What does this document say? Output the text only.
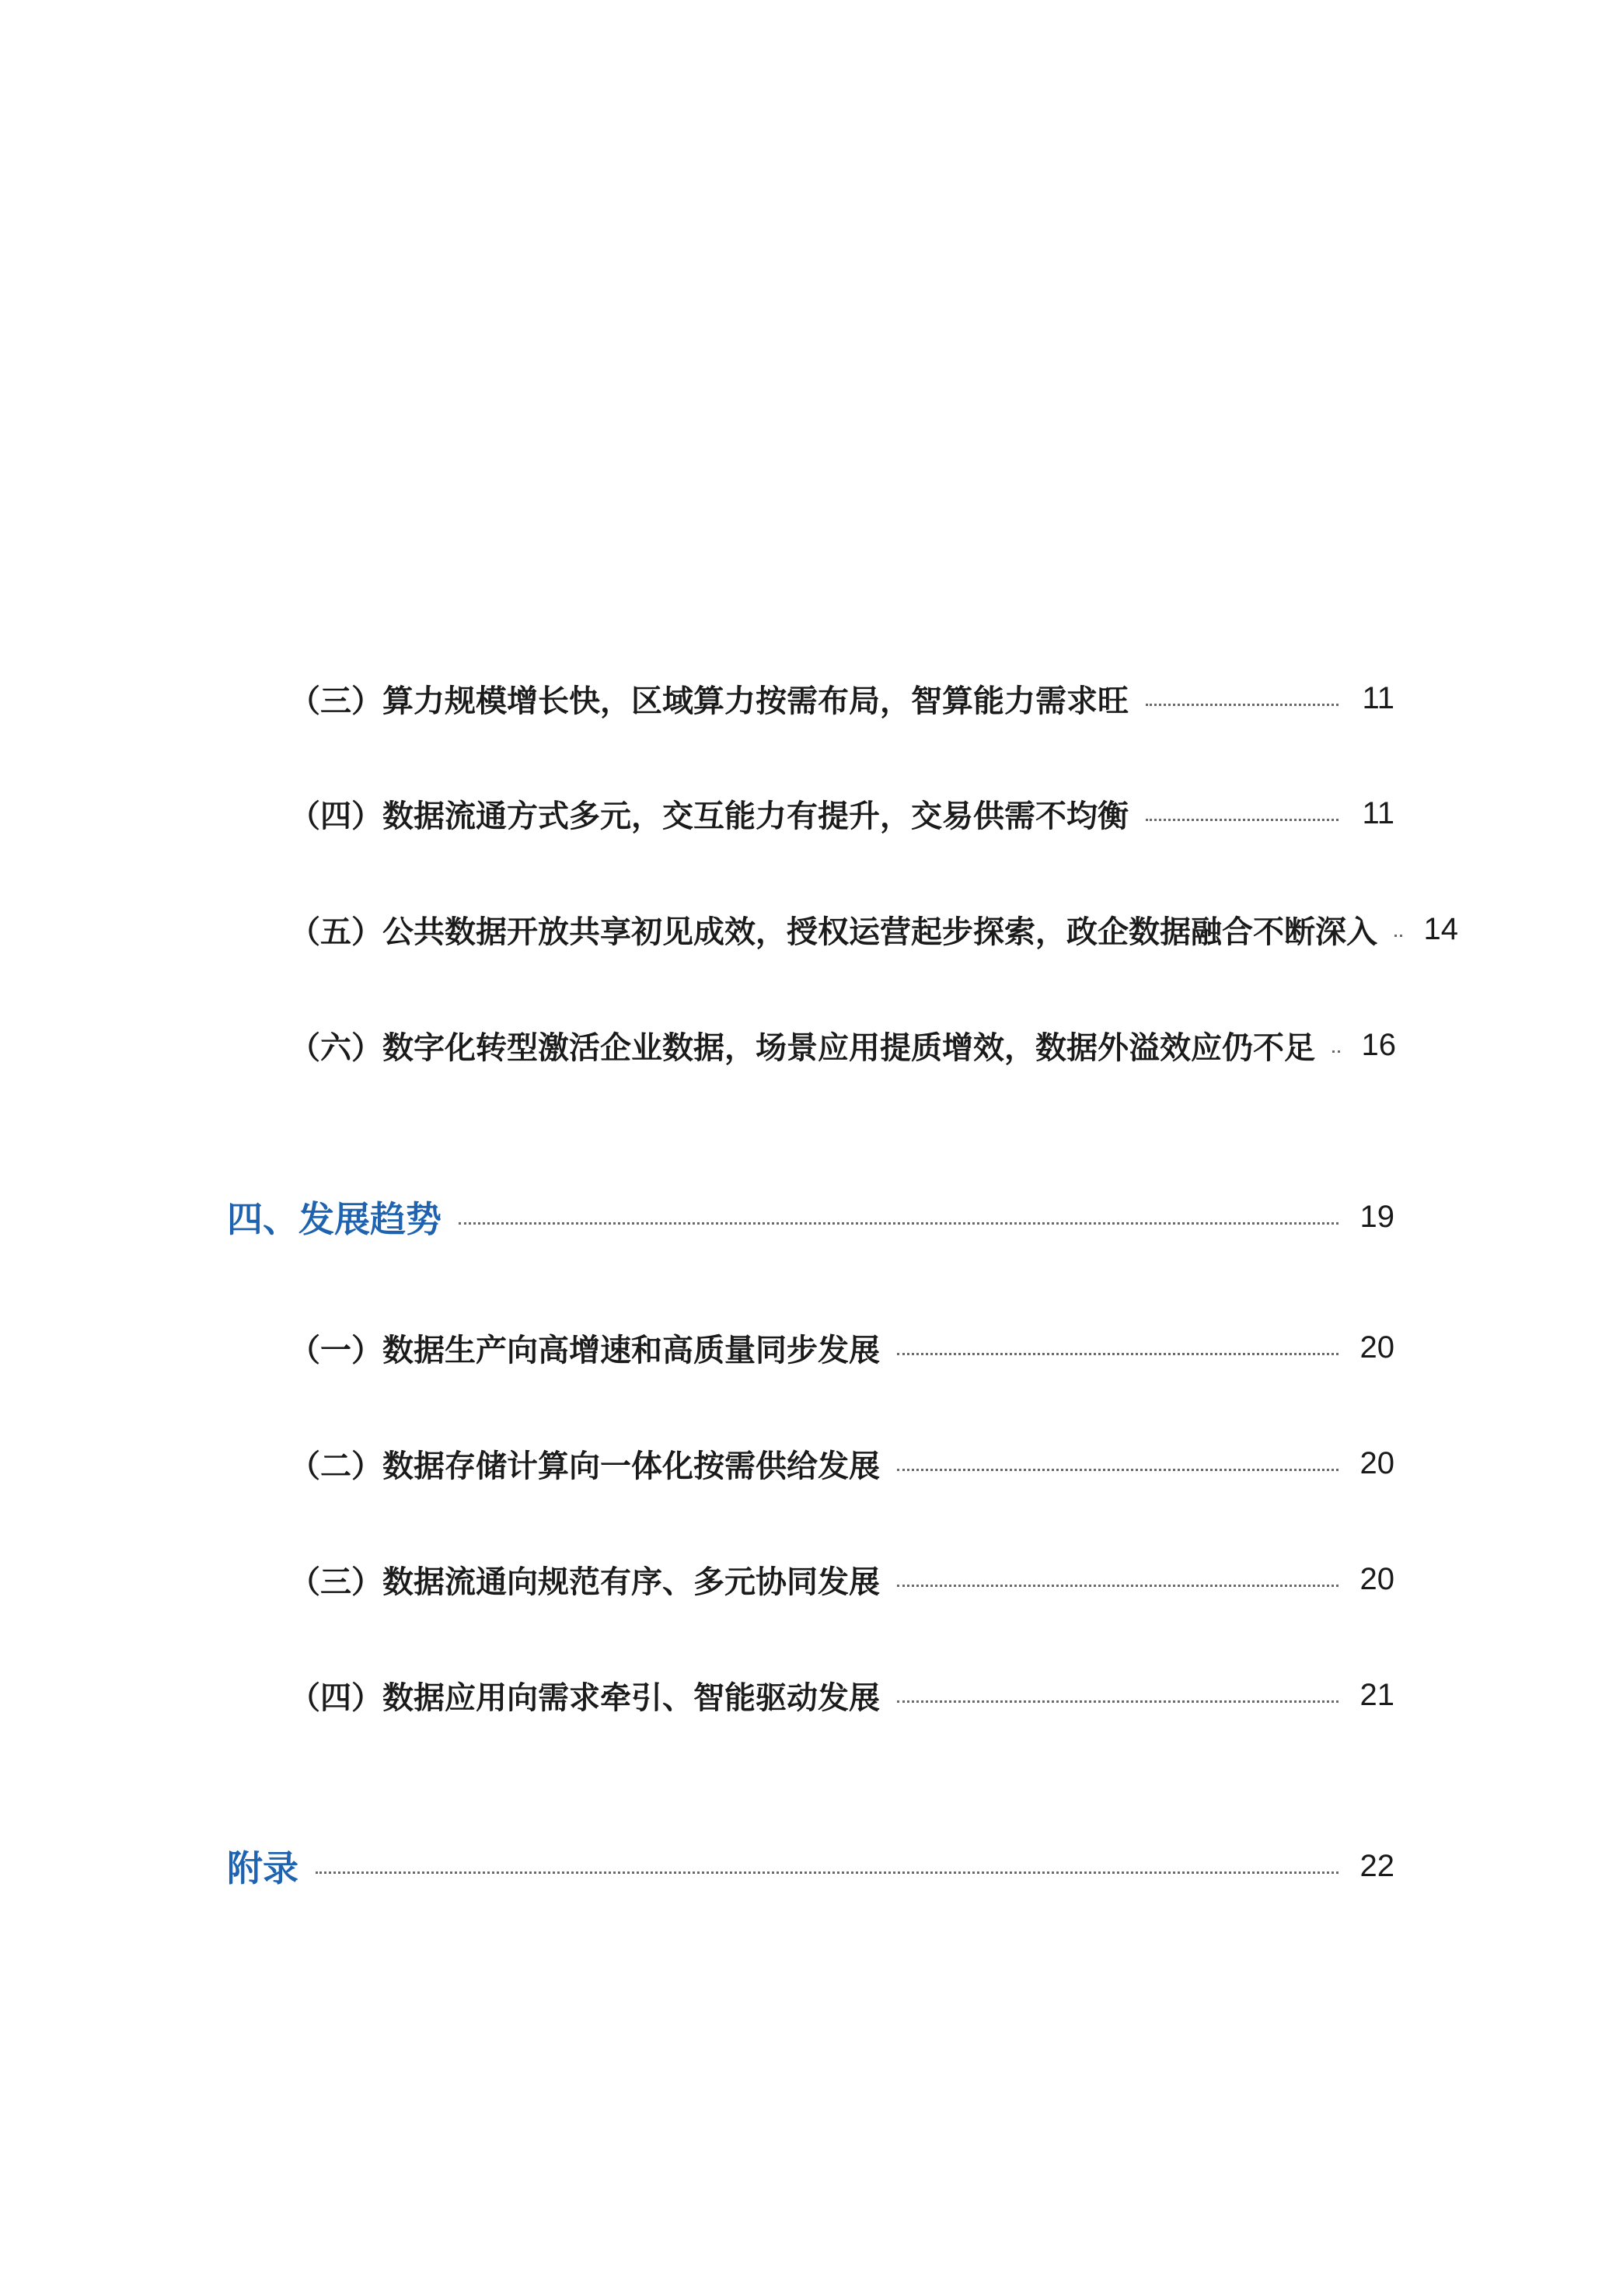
（三）算力规模增长快，区域算力按需布局，智算能力需求旺	11
（四）数据流通方式多元，交互能力有提升，交易供需不均衡	11
（五）公共数据开放共享初见成效，授权运营起步探索，政企数据融合不断深入 14
（六）数字化转型激活企业数据，场景应用提质增效，数据外溢效应仍不足 16
四、发展趋势	19
（一）数据生产向高增速和高质量同步发展	20
（二）数据存储计算向一体化按需供给发展	20
（三）数据流通向规范有序、多元协同发展	20
（四）数据应用向需求牵引、智能驱动发展	21
附录	22
